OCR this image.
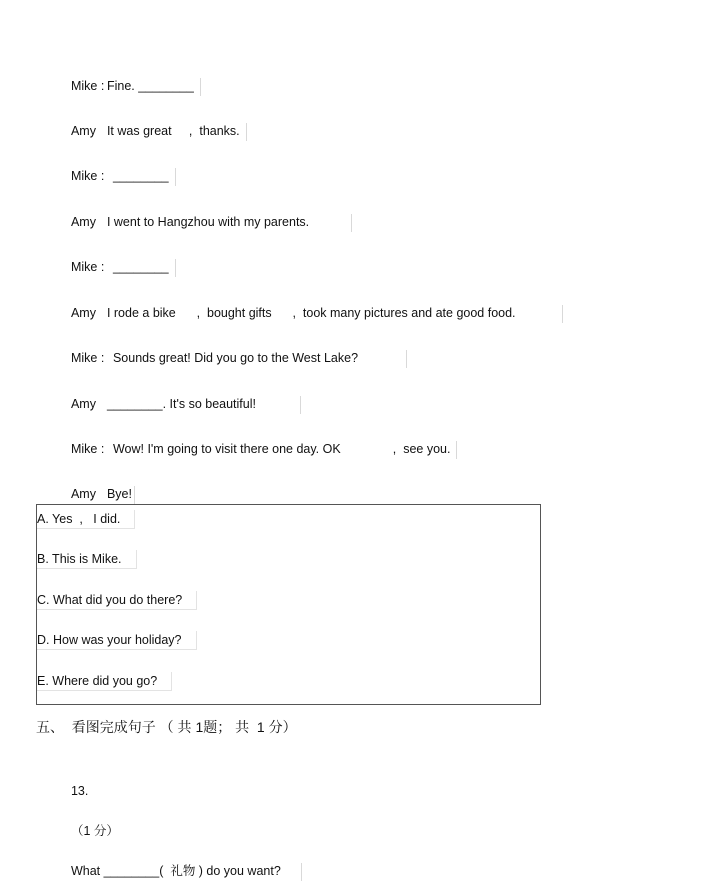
Mike : Fine. ________

Amy It was great     ,  thanks.

Mike : ________

Amy I went to Hangzhou with my parents.

Mike : ________

Amy I rode a bike      ,  bought gifts      ,  took many pictures and ate good food.

Mike : Sounds great! Did you go to the West Lake?

Amy ________. It's so beautiful!

Mike : Wow! I'm going to visit there one day. OK               ,  see you.

Amy Bye!

A. Yes  ,   I did.
B. This is Mike.
C. What did you do there?
D. How was your holiday?
E. Where did you go?
五、  看图完成句子 （ 共 1题； 共  1 分）

13.

（1 分）

What ________(  礼物 ) do you want?
